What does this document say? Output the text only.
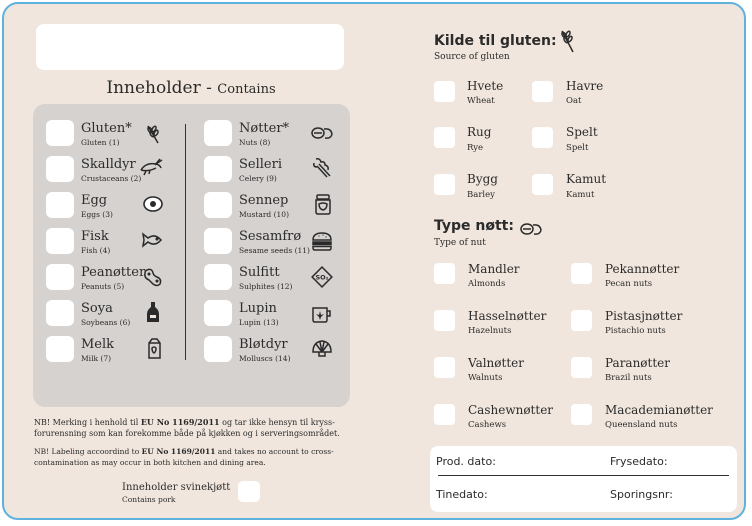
Inneholder - Contains
Gluten*
Gluten (1)
Skalldyr
Crustaceans (2)
Egg
Eggs (3)
Fisk
Fish (4)
Peanøtter
Peanuts (5)
Soya
Soybeans (6)
Melk
Milk (7)
Nøtter*
Nuts (8)
Selleri
Celery (9)
Sennep
Mustard (10)
Sesamfrø
Sesame seeds (11)
Sulfitt
Sulphites (12)
SO₂
Lupin
Lupin (13)
Bløtdyr
Molluscs (14)
NB! Merking i henhold til EU No 1169/2011 og tar ikke hensyn til kryss-forurensning som kan forekomme både på kjøkken og i serveringsområdet.
NB! Labeling accoordind to EU No 1169/2011 and takes no account to cross-contamination as may occur in both kitchen and dining area.
Inneholder svinekjøtt
Contains pork
Kilde til gluten:
Source of gluten
Hvete
Wheat
Havre
Oat
Rug
Rye
Spelt
Spelt
Bygg
Barley
Kamut
Kamut
Type nøtt:
Type of nut
Mandler
Almonds
Pekannøtter
Pecan nuts
Hasselnøtter
Hazelnuts
Pistasjnøtter
Pistachio nuts
Valnøtter
Walnuts
Paranøtter
Brazil nuts
Cashewnøtter
Cashews
Macademianøtter
Queensland nuts
Prod. dato:	Frysedato:
Tinedato:	Sporingsnr:
